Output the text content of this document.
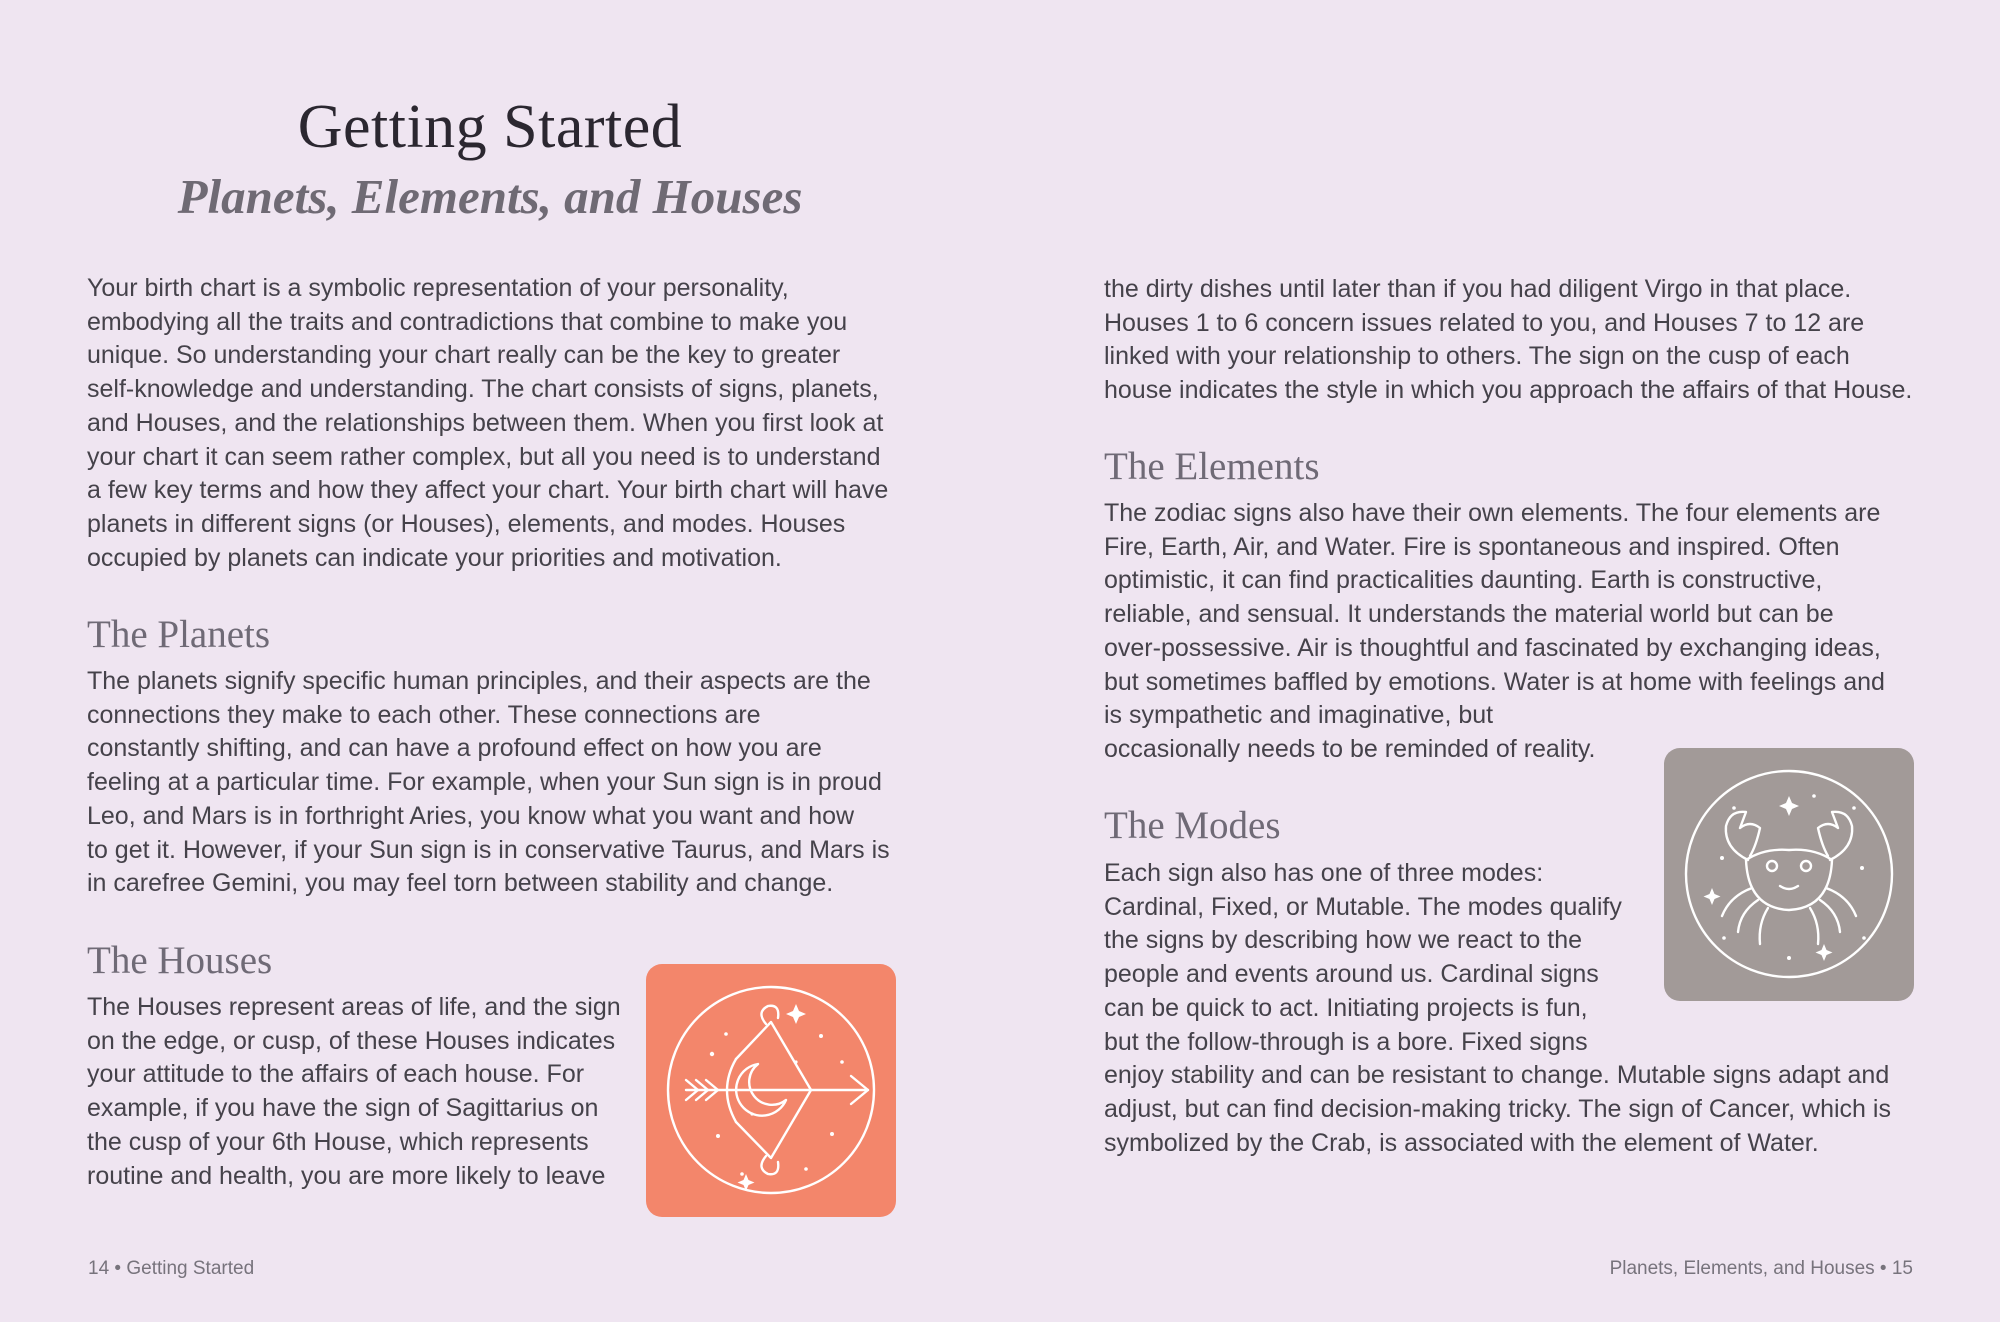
Getting Started
Planets, Elements, and Houses
Your birth chart is a symbolic representation of your personality,
embodying all the traits and contradictions that combine to make you
unique. So understanding your chart really can be the key to greater
self-knowledge and understanding. The chart consists of signs, planets,
and Houses, and the relationships between them. When you first look at
your chart it can seem rather complex, but all you need is to understand
a few key terms and how they affect your chart. Your birth chart will have
planets in different signs (or Houses), elements, and modes. Houses
occupied by planets can indicate your priorities and motivation.
The Planets
The planets signify specific human principles, and their aspects are the
connections they make to each other. These connections are
constantly shifting, and can have a profound effect on how you are
feeling at a particular time. For example, when your Sun sign is in proud
Leo, and Mars is in forthright Aries, you know what you want and how
to get it. However, if your Sun sign is in conservative Taurus, and Mars is
in carefree Gemini, you may feel torn between stability and change.
The Houses
The Houses represent areas of life, and the sign
on the edge, or cusp, of these Houses indicates
your attitude to the affairs of each house. For
example, if you have the sign of Sagittarius on
the cusp of your 6th House, which represents
routine and health, you are more likely to leave
the dirty dishes until later than if you had diligent Virgo in that place.
Houses 1 to 6 concern issues related to you, and Houses 7 to 12 are
linked with your relationship to others. The sign on the cusp of each
house indicates the style in which you approach the affairs of that House.
The Elements
The zodiac signs also have their own elements. The four elements are
Fire, Earth, Air, and Water. Fire is spontaneous and inspired. Often
optimistic, it can find practicalities daunting. Earth is constructive,
reliable, and sensual. It understands the material world but can be
over-possessive. Air is thoughtful and fascinated by exchanging ideas,
but sometimes baffled by emotions. Water is at home with feelings and
is sympathetic and imaginative, but
occasionally needs to be reminded of reality.
The Modes
Each sign also has one of three modes:
Cardinal, Fixed, or Mutable. The modes qualify
the signs by describing how we react to the
people and events around us. Cardinal signs
can be quick to act. Initiating projects is fun,
but the follow-through is a bore. Fixed signs
enjoy stability and can be resistant to change. Mutable signs adapt and
adjust, but can find decision-making tricky. The sign of Cancer, which is
symbolized by the Crab, is associated with the element of Water.
14 • Getting Started	Planets, Elements, and Houses • 15
